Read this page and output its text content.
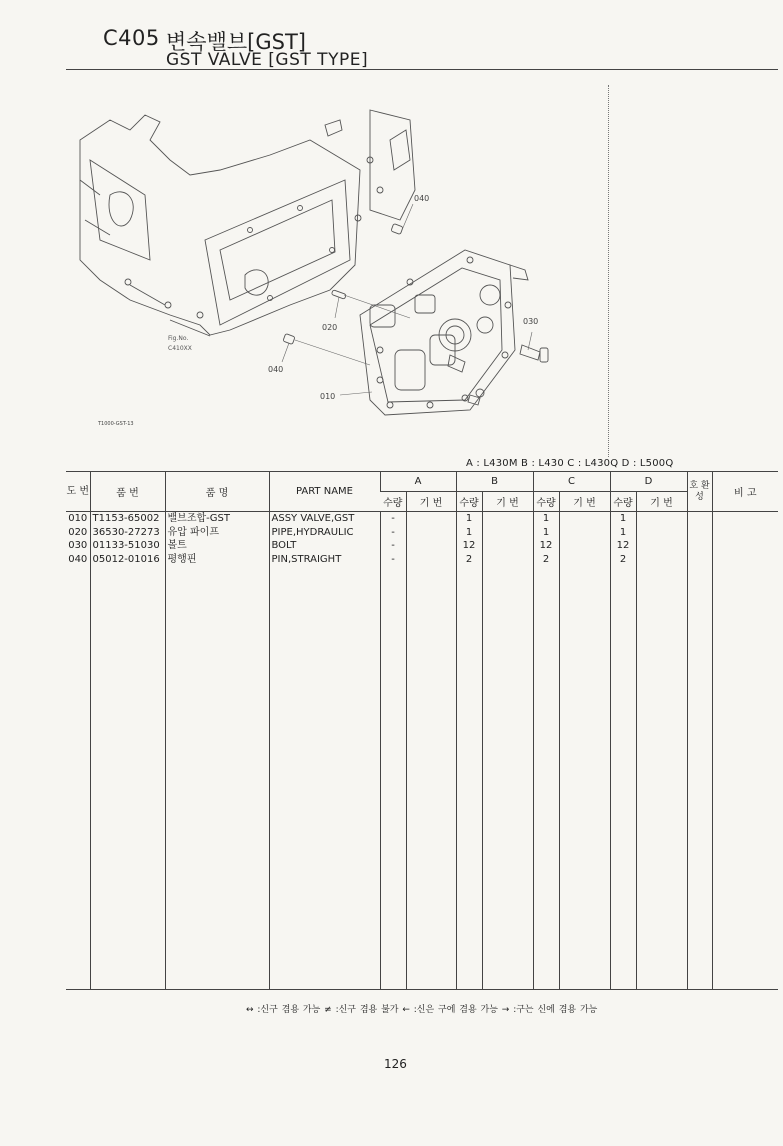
C405 변속밸브[GST]
GST VALVE [GST TYPE]
Fig.No.
C410XX
040
020
030
040
010
T1000-GST-13
A : L430M B : L430 C : L430Q D : L500Q
도 번	품 번	품 명	PART NAME	A		B		C		D		호 환 성	비 고
				수량	기 번	수량	기 번	수량	기 번	수량	기 번		
010	T1153-65002	밸브조합-GST	ASSY VALVE,GST	-		1		1		1			
020	36530-27273	유압 파이프	PIPE,HYDRAULIC	-		1		1		1			
030	01133-51030	볼트	BOLT	-		12		12		12			
040	05012-01016	평행핀	PIN,STRAIGHT	-		2		2		2			

↔ :신구 겸용 가능 ≠ :신구 겸용 불가 ← :신은 구에 겸용 가능 → :구는 신에 겸용 가능
126
